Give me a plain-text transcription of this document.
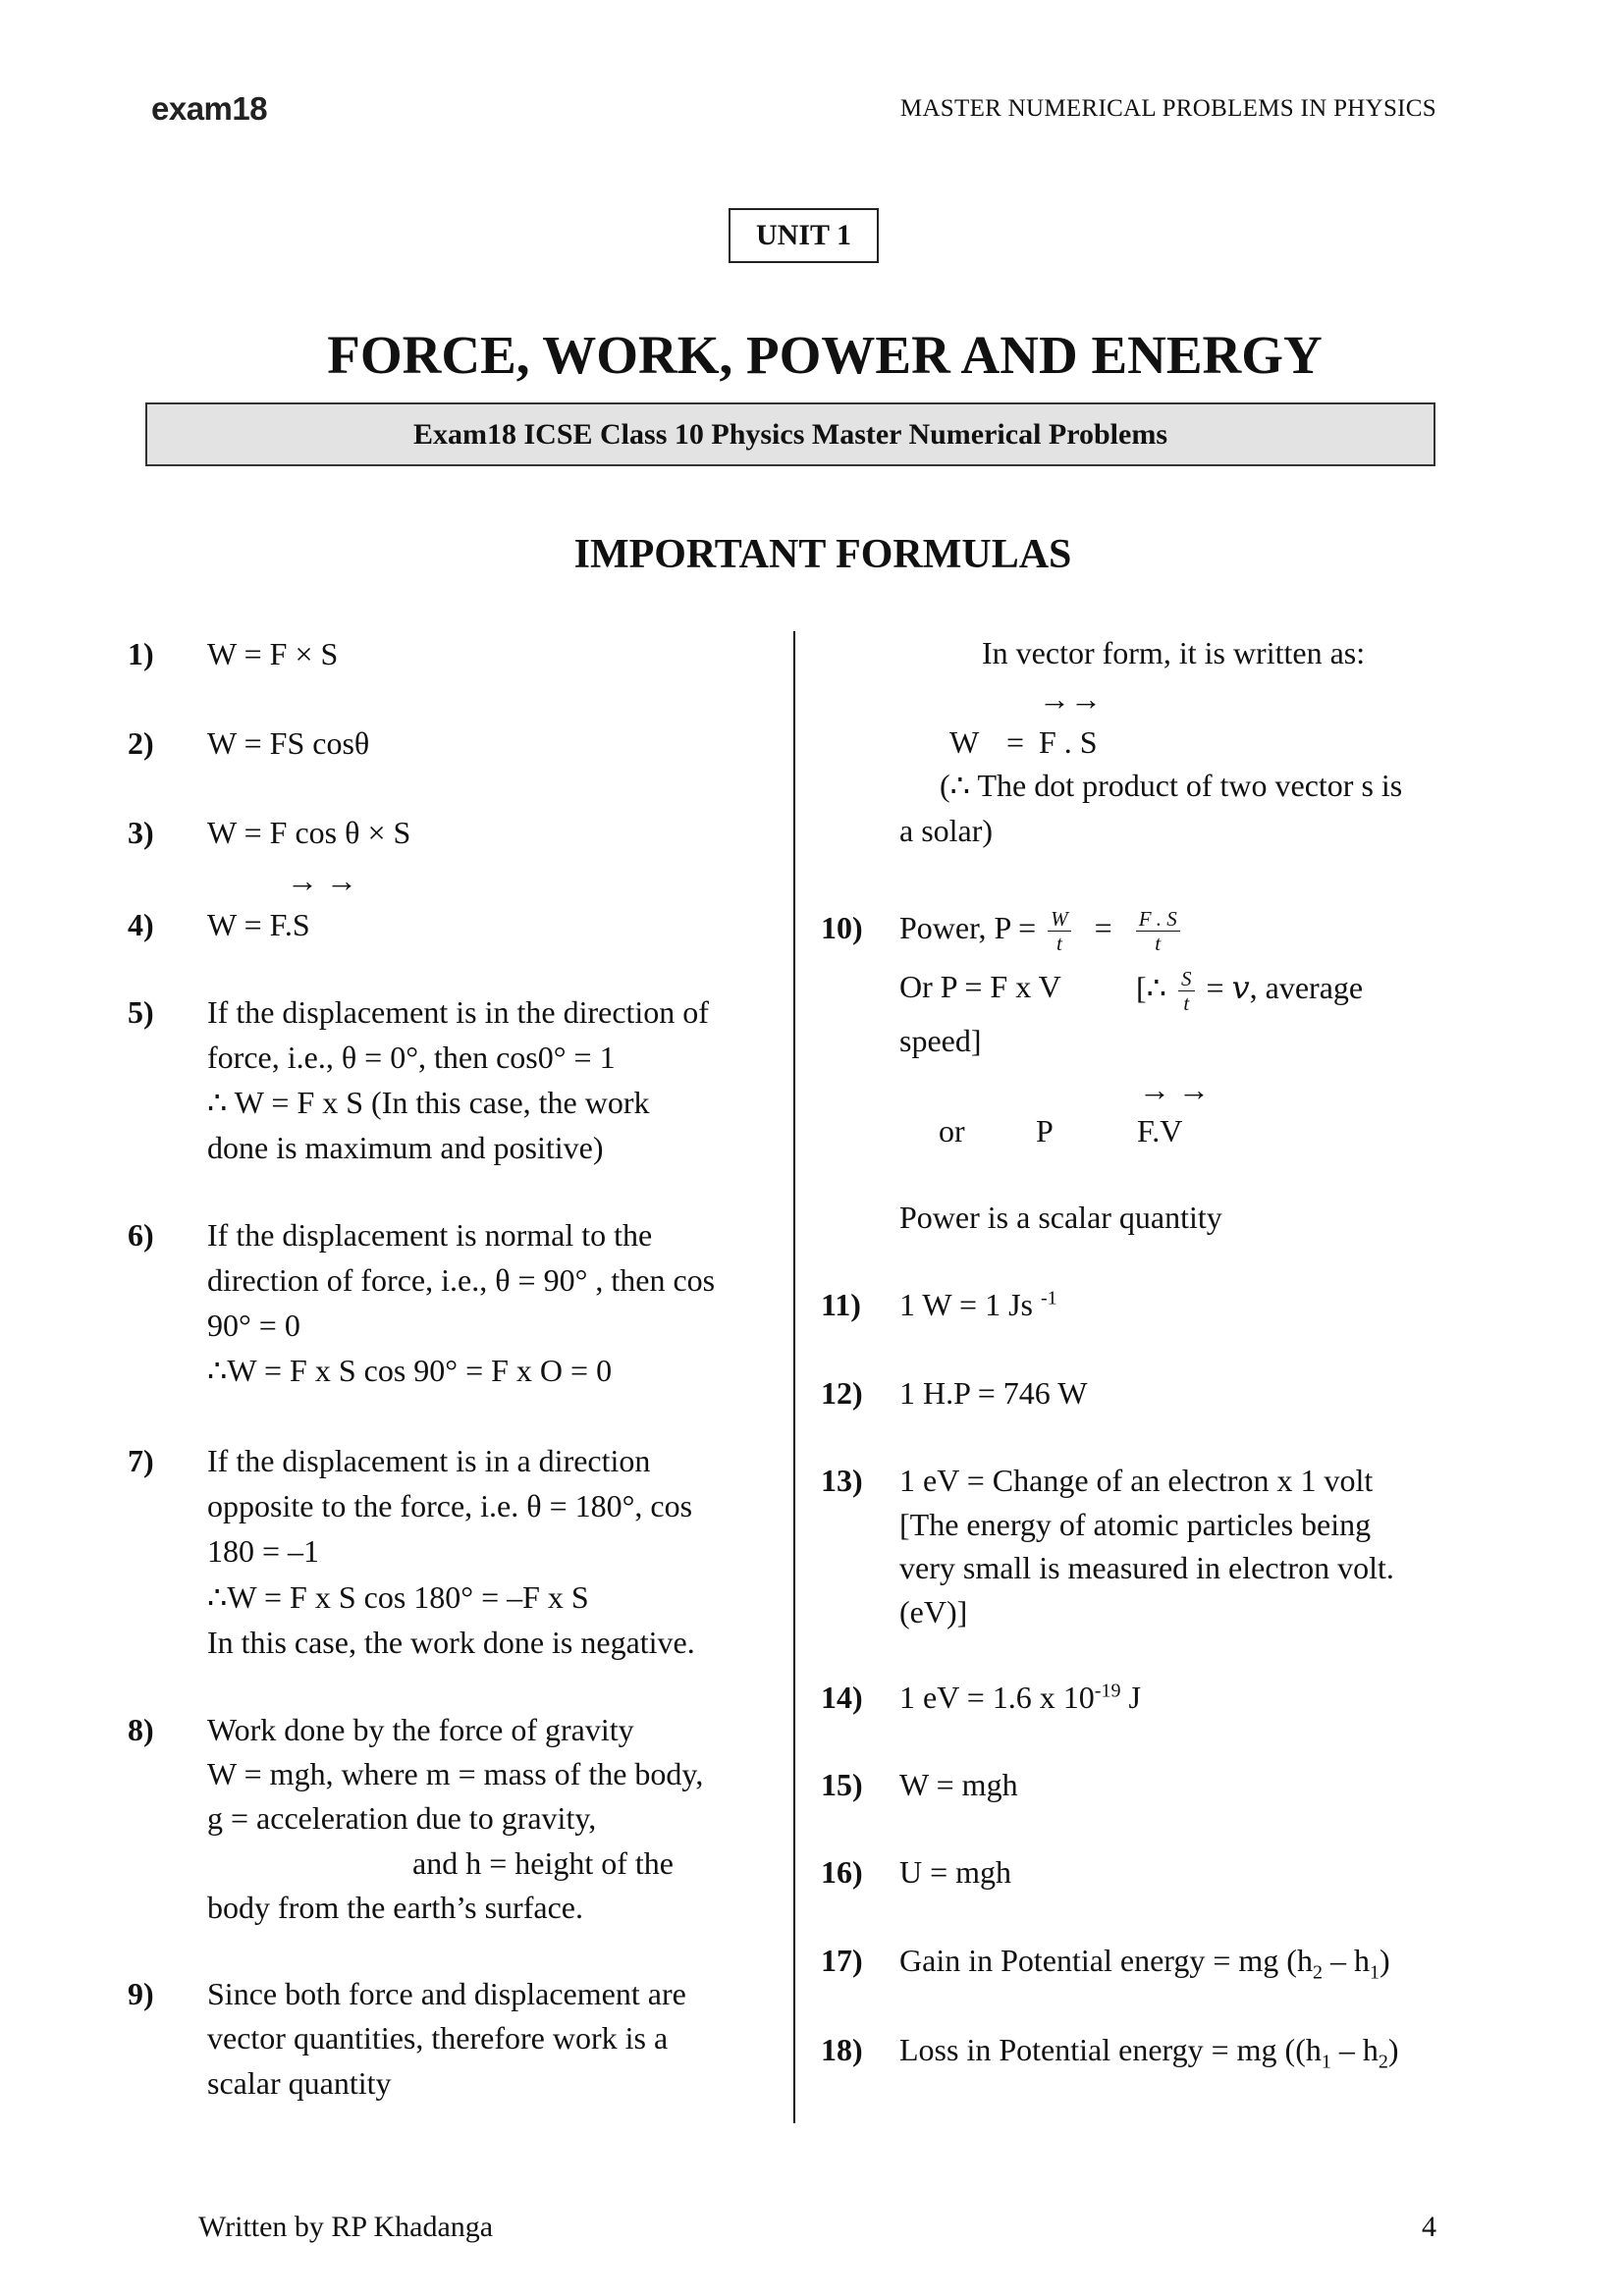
exam18	MASTER NUMERICAL PROBLEMS IN PHYSICS
UNIT 1
FORCE, WORK, POWER AND ENERGY
Exam18 ICSE Class 10 Physics Master Numerical Problems
IMPORTANT FORMULAS
1) W = F × S
2) W = FS cosθ
3) W = F cos θ × S
→ →
4) W = F.S
5) If the displacement is in the direction of
force, i.e., θ = 0°, then cos0° = 1
∴ W = F x S (In this case, the work
done is maximum and positive)
6) If the displacement is normal to the
direction of force, i.e., θ = 90° , then cos
90° = 0
∴W = F x S cos 90° = F x O = 0
7) If the displacement is in a direction
opposite to the force, i.e. θ = 180°, cos
180 = –1
∴W = F x S cos 180° = –F x S
In this case, the work done is negative.
8) Work done by the force of gravity
W = mgh, where m = mass of the body,
g = acceleration due to gravity,
and h = height of the
body from the earth’s surface.
9) Since both force and displacement are
vector quantities, therefore work is a
scalar quantity
In vector form, it is written as:
→→
W = F . S
(∴ The dot product of two vector s is
a solar)
10) Power, $P = \frac{W}{t} = \frac{F . S}{t}$
Or P = F x V [∴ $\frac{S}{t}$ = 𝑣, average
speed]
→ →
or P	F.V
Power is a scalar quantity
11) 1 W = 1 Js $^{-1}$
12) 1 H.P = 746 W
13) 1 eV = Change of an electron x 1 volt
[The energy of atomic particles being
very small is measured in electron volt.
(eV)]
14) 1 eV = 1.6 x $10^{-19}$ J
15) W = mgh
16) U = mgh
17) Gain in Potential energy = mg $(h_2 - h_1)$
18) Loss in Potential energy = mg ($(h_1 - h_2)$
Written by RP Khadanga	4
